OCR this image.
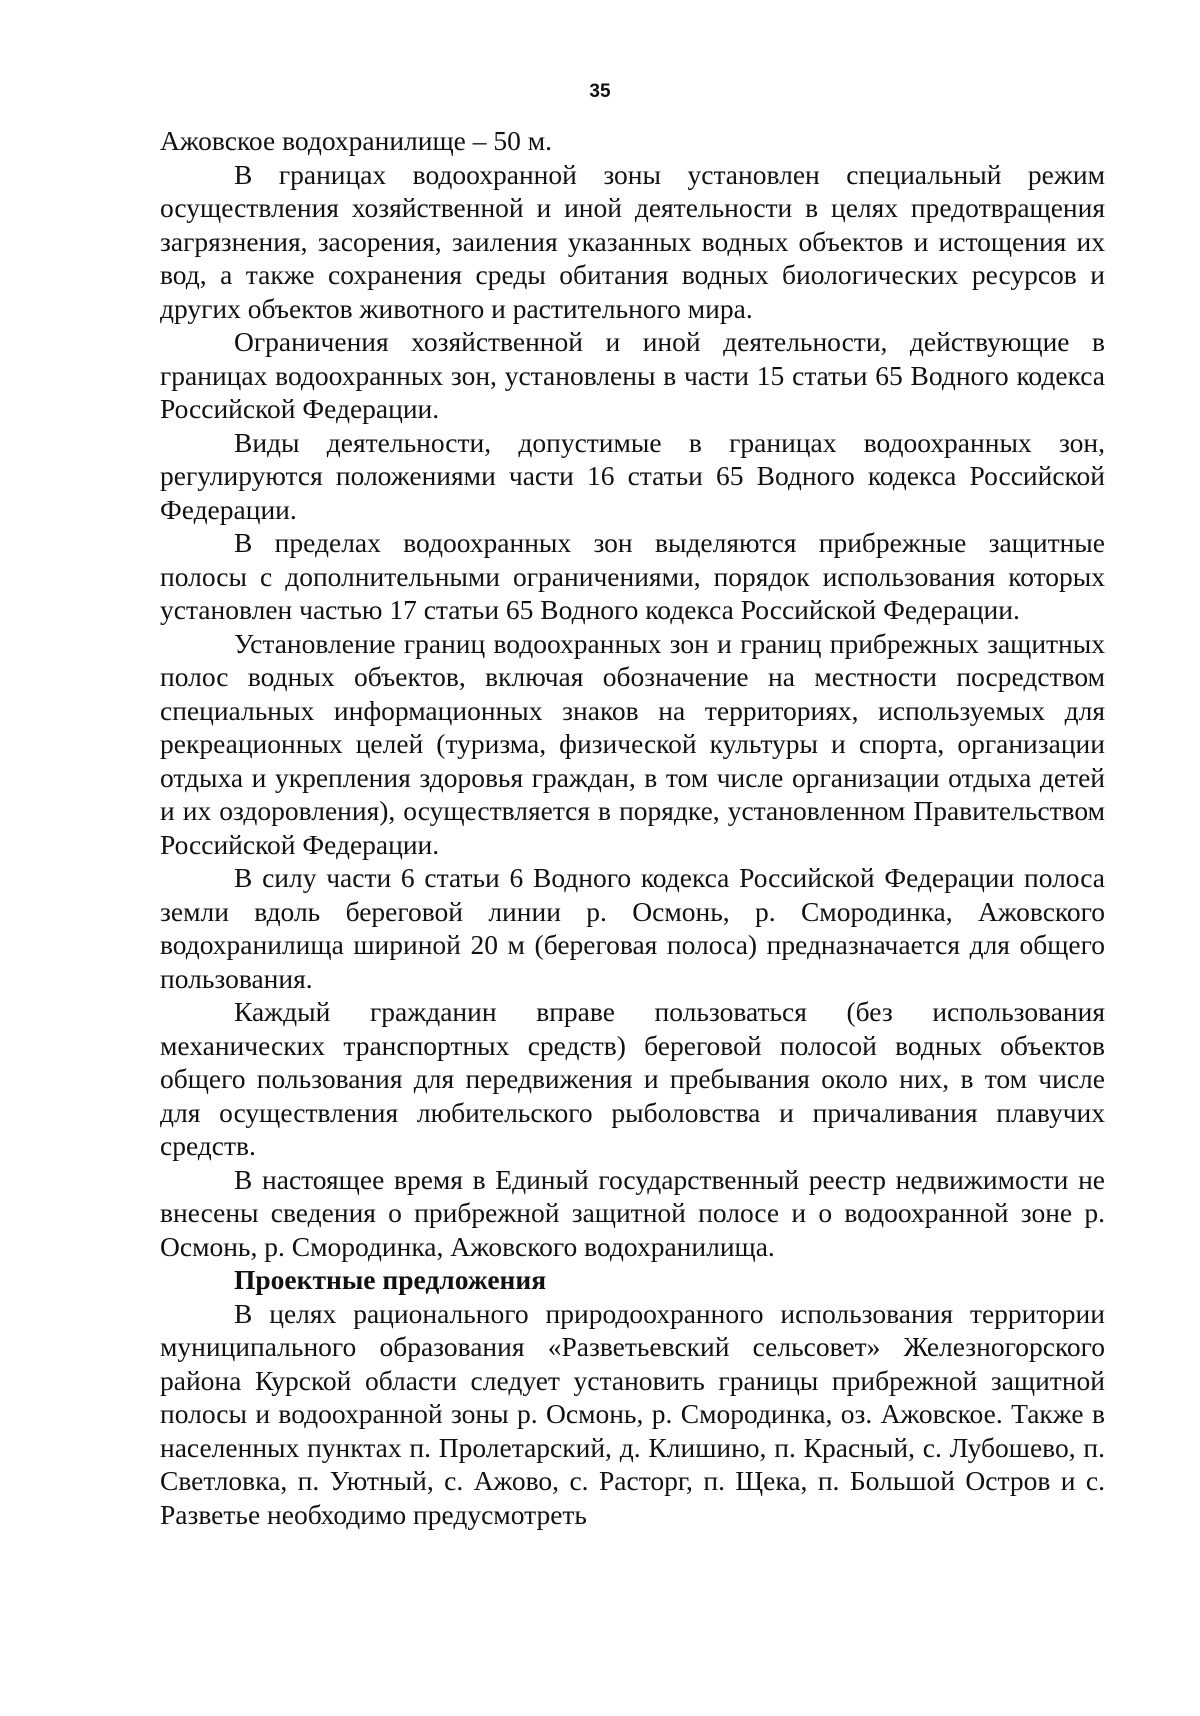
35

Ажовское водохранилище – 50 м.

В границах водоохранной зоны установлен специальный режим осуществления хозяйственной и иной деятельности в целях предотвращения загрязнения, засорения, заиления указанных водных объектов и истощения их вод, а также сохранения среды обитания водных биологических ресурсов и других объектов животного и растительного мира.

Ограничения хозяйственной и иной деятельности, действующие в границах водоохранных зон, установлены в части 15 статьи 65 Водного кодекса Российской Федерации.

Виды деятельности, допустимые в границах водоохранных зон, регулируются положениями части 16 статьи 65 Водного кодекса Российской Федерации.

В пределах водоохранных зон выделяются прибрежные защитные полосы с дополнительными ограничениями, порядок использования которых установлен частью 17 статьи 65 Водного кодекса Российской Федерации.

Установление границ водоохранных зон и границ прибрежных защитных полос водных объектов, включая обозначение на местности посредством специальных информационных знаков на территориях, используемых для рекреационных целей (туризма, физической культуры и спорта, организации отдыха и укрепления здоровья граждан, в том числе организации отдыха детей и их оздоровления), осуществляется в порядке, установленном Правительством Российской Федерации.

В силу части 6 статьи 6 Водного кодекса Российской Федерации полоса земли вдоль береговой линии р. Осмонь, р. Смородинка, Ажовского водохранилища шириной 20 м (береговая полоса) предназначается для общего пользования.

Каждый гражданин вправе пользоваться (без использования механических транспортных средств) береговой полосой водных объектов общего пользования для передвижения и пребывания около них, в том числе для осуществления любительского рыболовства и причаливания плавучих средств.

В настоящее время в Единый государственный реестр недвижимости не внесены сведения о прибрежной защитной полосе и о водоохранной зоне р. Осмонь, р. Смородинка, Ажовского водохранилища.

Проектные предложения

В целях рационального природоохранного использования территории муниципального образования «Разветьевский сельсовет» Железногорского района Курской области следует установить границы прибрежной защитной полосы и водоохранной зоны р. Осмонь, р. Смородинка, оз. Ажовское. Также в населенных пунктах п. Пролетарский, д. Клишино, п. Красный, с. Лубошево, п. Светловка, п. Уютный, с. Ажово, с. Расторг, п. Щека, п. Большой Остров и с. Разветье необходимо предусмотреть
